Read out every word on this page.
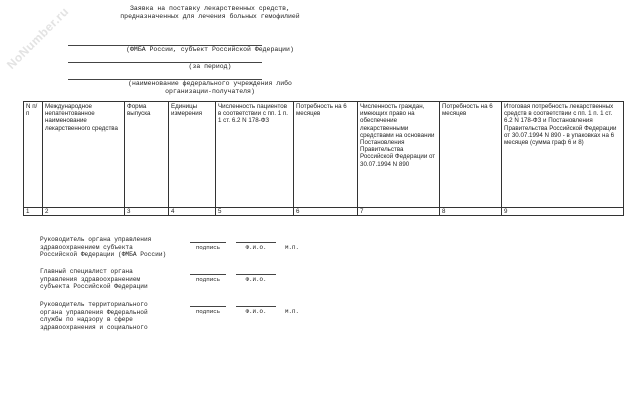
NoNumber.ru	Заявка на поставку лекарственных средств,
предназначенных для лечения больных гемофилией
(ФМБА России, субъект Российской Федерации)
(за период)
(наименование федерального учреждения либо
организации-получателя)
N п/п	Международное непатентованное наименование лекарственного средства	Форма выпуска	Единицы измерения	Численность пациентов в соответствии с пп. 1 п. 1 ст. 6.2 N 178-ФЗ	Потребность на 6 месяцев	Численность граждан, имеющих право на обеспечение лекарственными средствами на основании Постановления Правительства Российской Федерации от 30.07.1994 N 890	Потребность на 6 месяцев	Итоговая потребность лекарственных средств в соответствии с пп. 1 п. 1 ст. 6.2 N 178-ФЗ и Постановления Правительства Российской Федерации от 30.07.1994 N 890 - в упаковках на 6 месяцев (сумма граф 6 и 8)
1	2	3	4	5	6	7	8	9
Руководитель органа управления
здравоохранением субъекта
Российской Федерации (ФМБА России)
подпись	Ф.И.О.	М.П.
Главный специалист органа
управления здравоохранением
субъекта Российской Федерации
подпись	Ф.И.О.
Руководитель территориального
органа управления Федеральной
службы по надзору в сфере
здравоохранения и социального
подпись	Ф.И.О.	М.П.
